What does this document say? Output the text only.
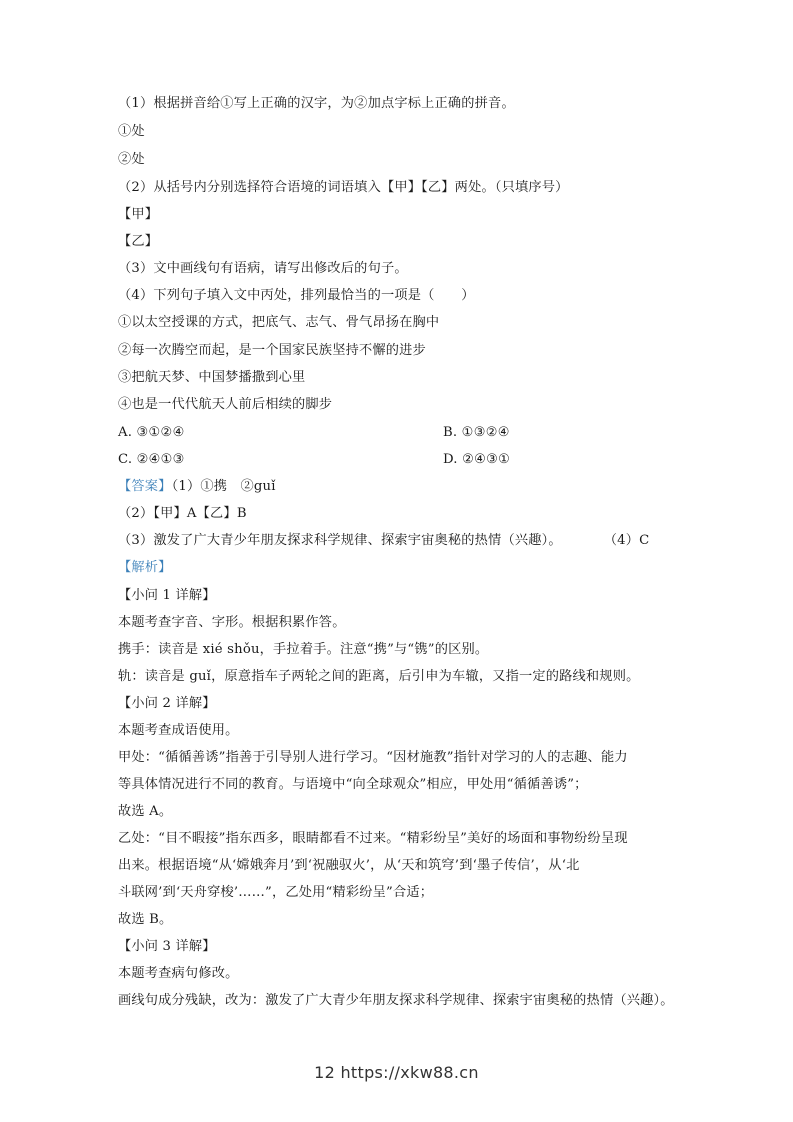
（1）根据拼音给①写上正确的汉字，为②加点字标上正确的拼音。
①处
②处
（2）从括号内分别选择符合语境的词语填入【甲】【乙】两处。（只填序号）
【甲】
【乙】
（3）文中画线句有语病，请写出修改后的句子。
（4）下列句子填入文中丙处，排列最恰当的一项是（　　）
①以太空授课的方式，把底气、志气、骨气昂扬在胸中
②每一次腾空而起，是一个国家民族坚持不懈的进步
③把航天梦、中国梦播撒到心里
④也是一代代航天人前后相续的脚步
A. ③①②④	B. ①③②④
C. ②④①③	D. ②④③①
【答案】（1）①携　②guǐ
（2）【甲】A【乙】B
（3）激发了广大青少年朋友探求科学规律、探索宇宙奥秘的热情（兴趣）。	（4）C
【解析】
【小问 1 详解】
本题考查字音、字形。根据积累作答。
携手：读音是 xié shǒu，手拉着手。注意“携”与“镌”的区别。
轨：读音是 guǐ，原意指车子两轮之间的距离，后引申为车辙，又指一定的路线和规则。
【小问 2 详解】
本题考查成语使用。
甲处：“循循善诱”指善于引导别人进行学习。“因材施教”指针对学习的人的志趣、能力
等具体情况进行不同的教育。与语境中“向全球观众”相应，甲处用“循循善诱”；
故选 A。
乙处：“目不暇接”指东西多，眼睛都看不过来。“精彩纷呈”美好的场面和事物纷纷呈现
出来。根据语境“从‘嫦娥奔月’到‘祝融驭火’，从‘天和筑穹’到‘墨子传信’，从‘北
斗联网’到‘天舟穿梭’……”，乙处用“精彩纷呈”合适；
故选 B。
【小问 3 详解】
本题考查病句修改。
画线句成分残缺，改为：激发了广大青少年朋友探求科学规律、探索宇宙奥秘的热情（兴趣）。
12 https://xkw88.cn
